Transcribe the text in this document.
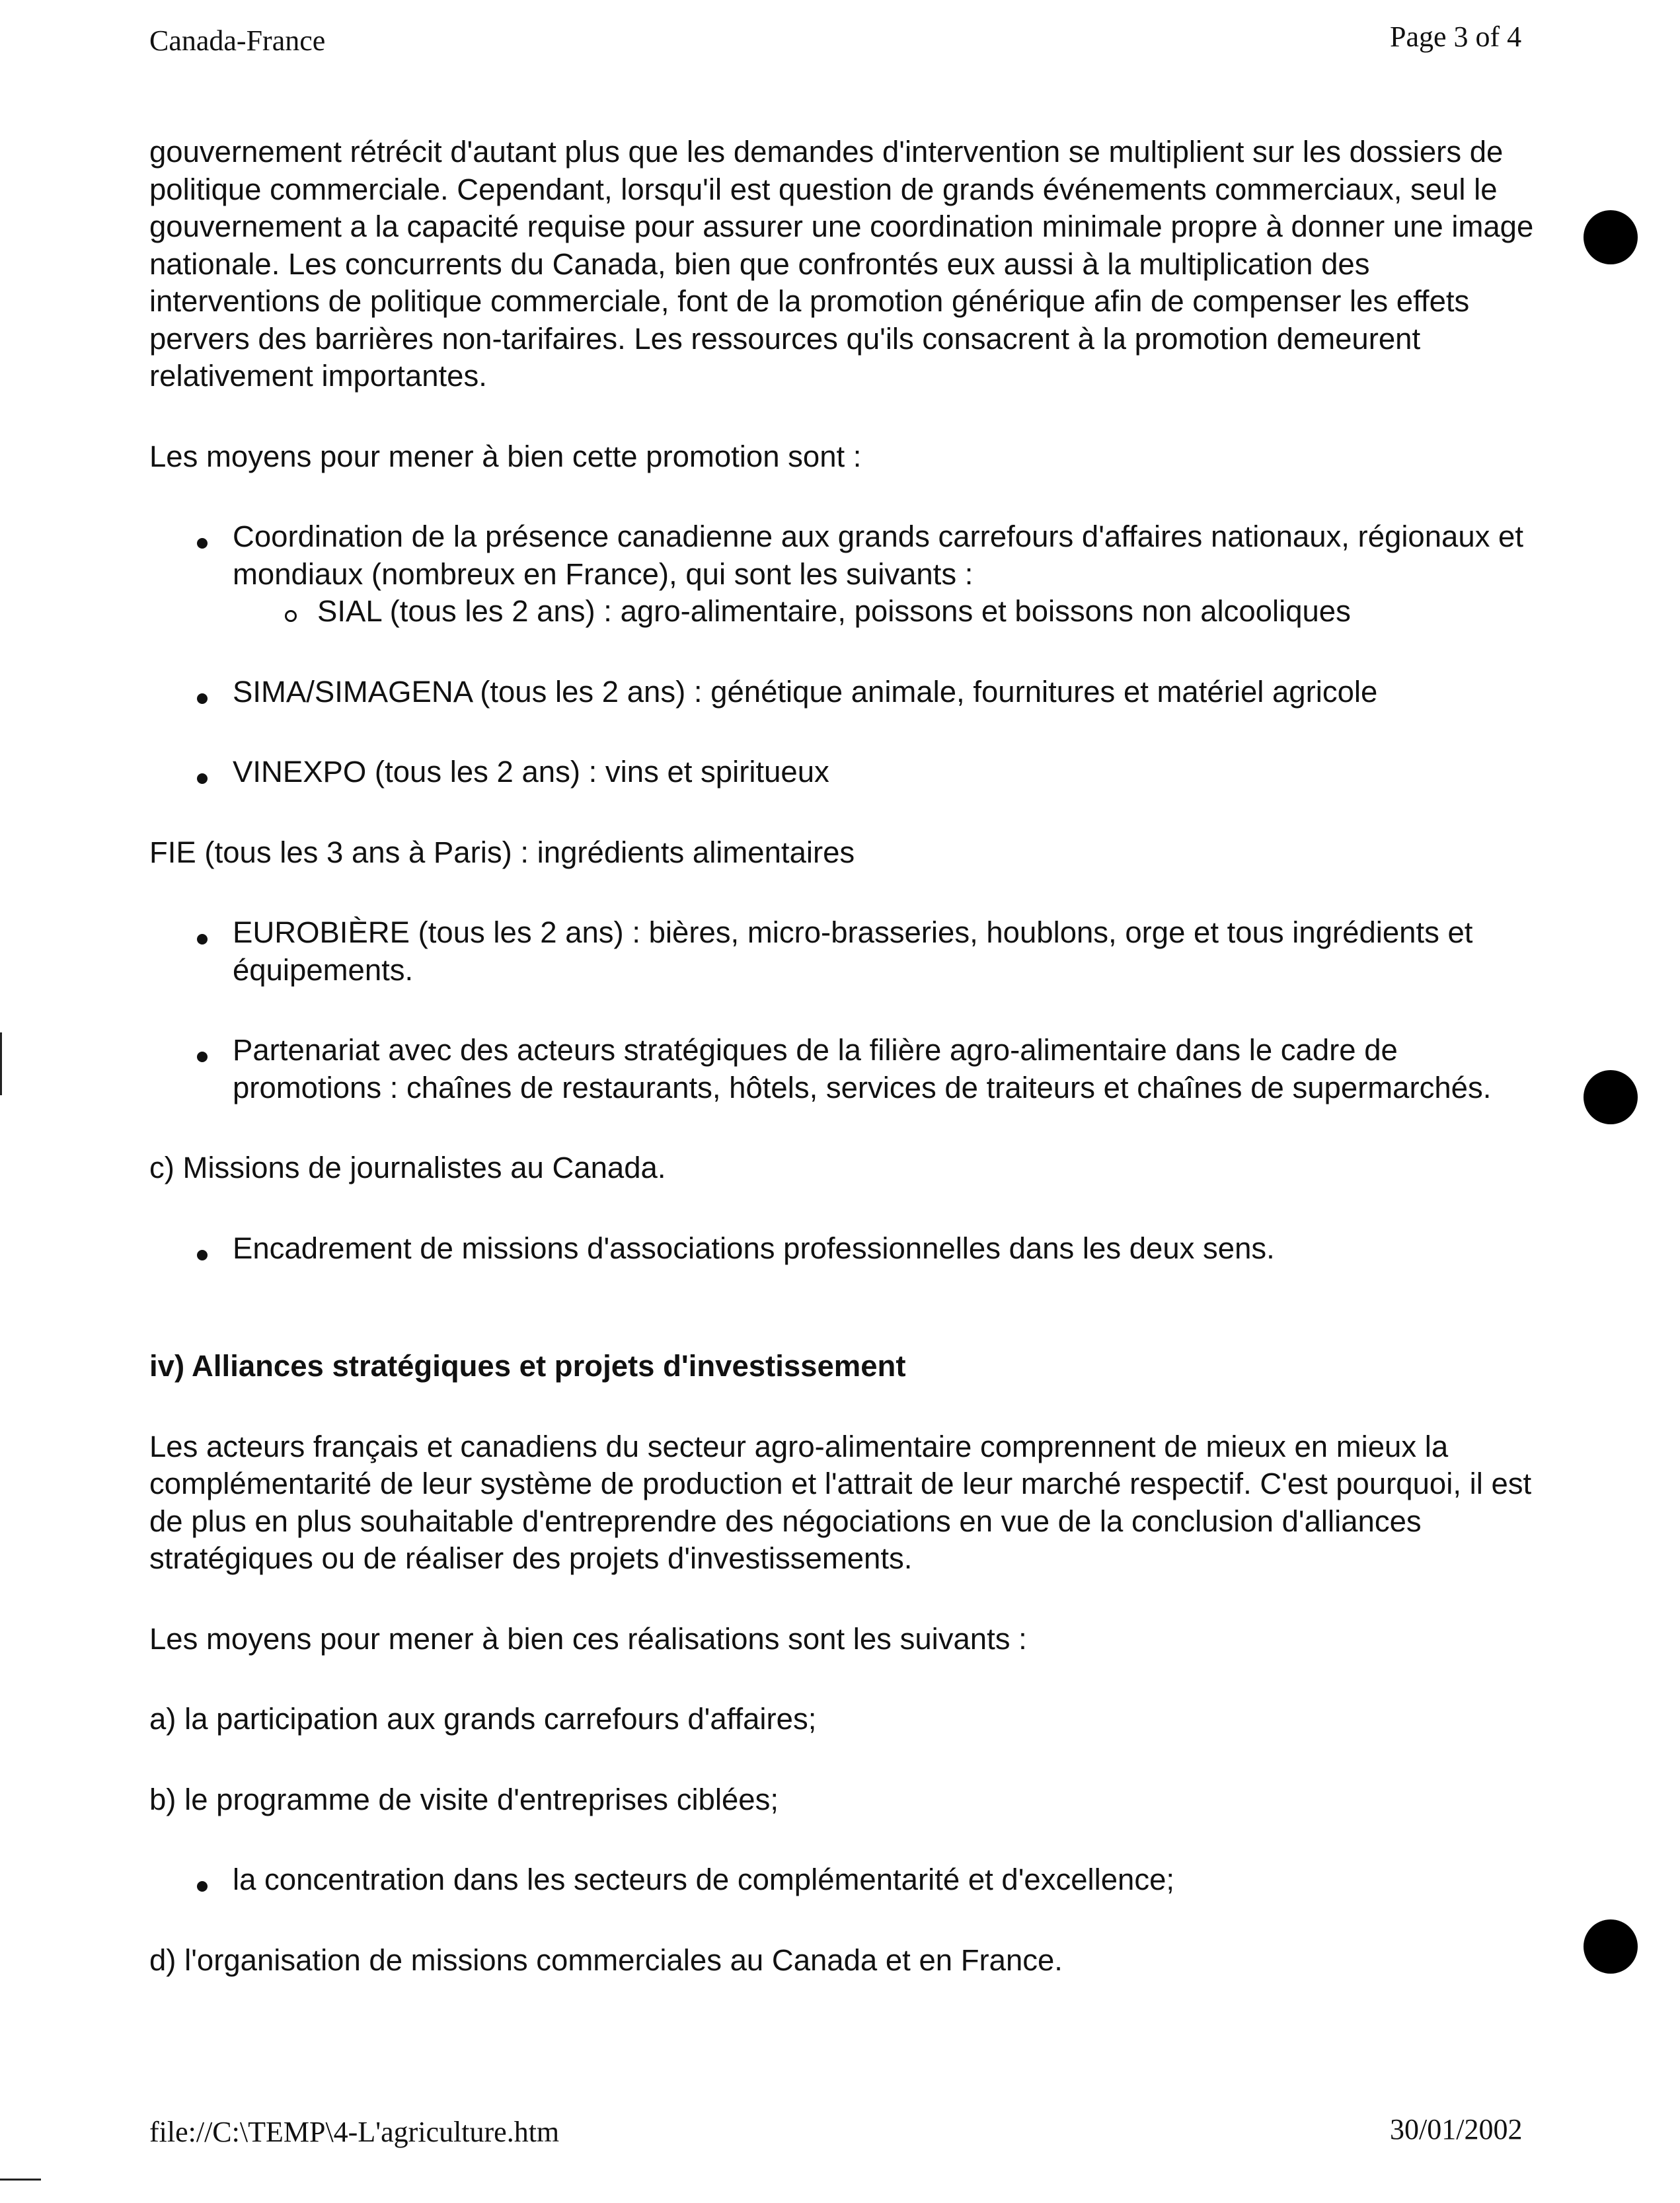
Canada-France	Page 3 of 4

gouvernement rétrécit d'autant plus que les demandes d'intervention se multiplient sur les dossiers de politique commerciale. Cependant, lorsqu'il est question de grands événements commerciaux, seul le gouvernement a la capacité requise pour assurer une coordination minimale propre à donner une image nationale. Les concurrents du Canada, bien que confrontés eux aussi à la multiplication des interventions de politique commerciale, font de la promotion générique afin de compenser les effets pervers des barrières non-tarifaires. Les ressources qu'ils consacrent à la promotion demeurent relativement importantes.

Les moyens pour mener à bien cette promotion sont :

Coordination de la présence canadienne aux grands carrefours d'affaires nationaux, régionaux et mondiaux (nombreux en France), qui sont les suivants :
SIAL (tous les 2 ans) : agro-alimentaire, poissons et boissons non alcooliques
SIMA/SIMAGENA (tous les 2 ans) : génétique animale, fournitures et matériel agricole
VINEXPO (tous les 2 ans) : vins et spiritueux

FIE (tous les 3 ans à Paris) : ingrédients alimentaires

EUROBIÈRE (tous les 2 ans) : bières, micro-brasseries, houblons, orge et tous ingrédients et équipements.
Partenariat avec des acteurs stratégiques de la filière agro-alimentaire dans le cadre de promotions : chaînes de restaurants, hôtels, services de traiteurs et chaînes de supermarchés.

c) Missions de journalistes au Canada.

Encadrement de missions d'associations professionnelles dans les deux sens.

iv) Alliances stratégiques et projets d'investissement

Les acteurs français et canadiens du secteur agro-alimentaire comprennent de mieux en mieux la complémentarité de leur système de production et l'attrait de leur marché respectif. C'est pourquoi, il est de plus en plus souhaitable d'entreprendre des négociations en vue de la conclusion d'alliances stratégiques ou de réaliser des projets d'investissements.

Les moyens pour mener à bien ces réalisations sont les suivants :

a) la participation aux grands carrefours d'affaires;

b) le programme de visite d'entreprises ciblées;

la concentration dans les secteurs de complémentarité et d'excellence;

d) l'organisation de missions commerciales au Canada et en France.

file://C:\TEMP\4-L'agriculture.htm	30/01/2002
